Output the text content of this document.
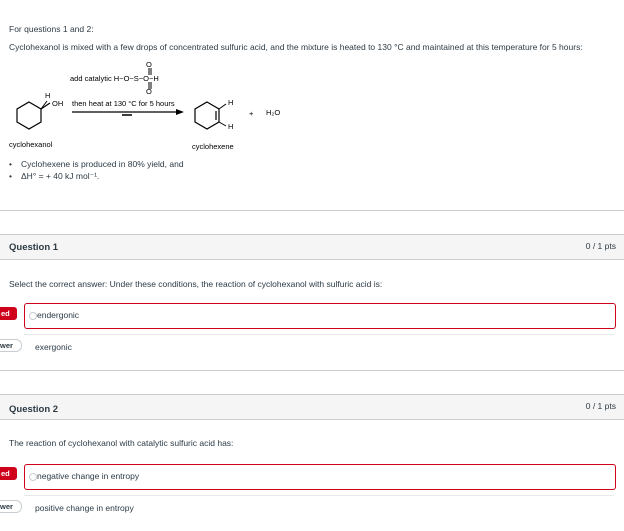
For questions 1 and 2:
Cyclohexanol is mixed with a few drops of concentrated sulfuric acid, and the mixture is heated to 130 °C and maintained at this temperature for 5 hours:
O
add catalytic H−O−S−O−H
O
then heat at 130 °C for 5 hours
H
OH	H
H
+ H₂O
cyclohexanol	cyclohexene
• Cyclohexene is produced in 80% yield, and
• ΔH° = + 40 kJ mol⁻¹.
Question 1	0 / 1 pts
Select the correct answer: Under these conditions, the reaction of cyclohexanol with sulfuric acid is:
ed	endergonic
wer	exergonic
Question 2	0 / 1 pts
The reaction of cyclohexanol with catalytic sulfuric acid has:
ed	negative change in entropy
wer	positive change in entropy
